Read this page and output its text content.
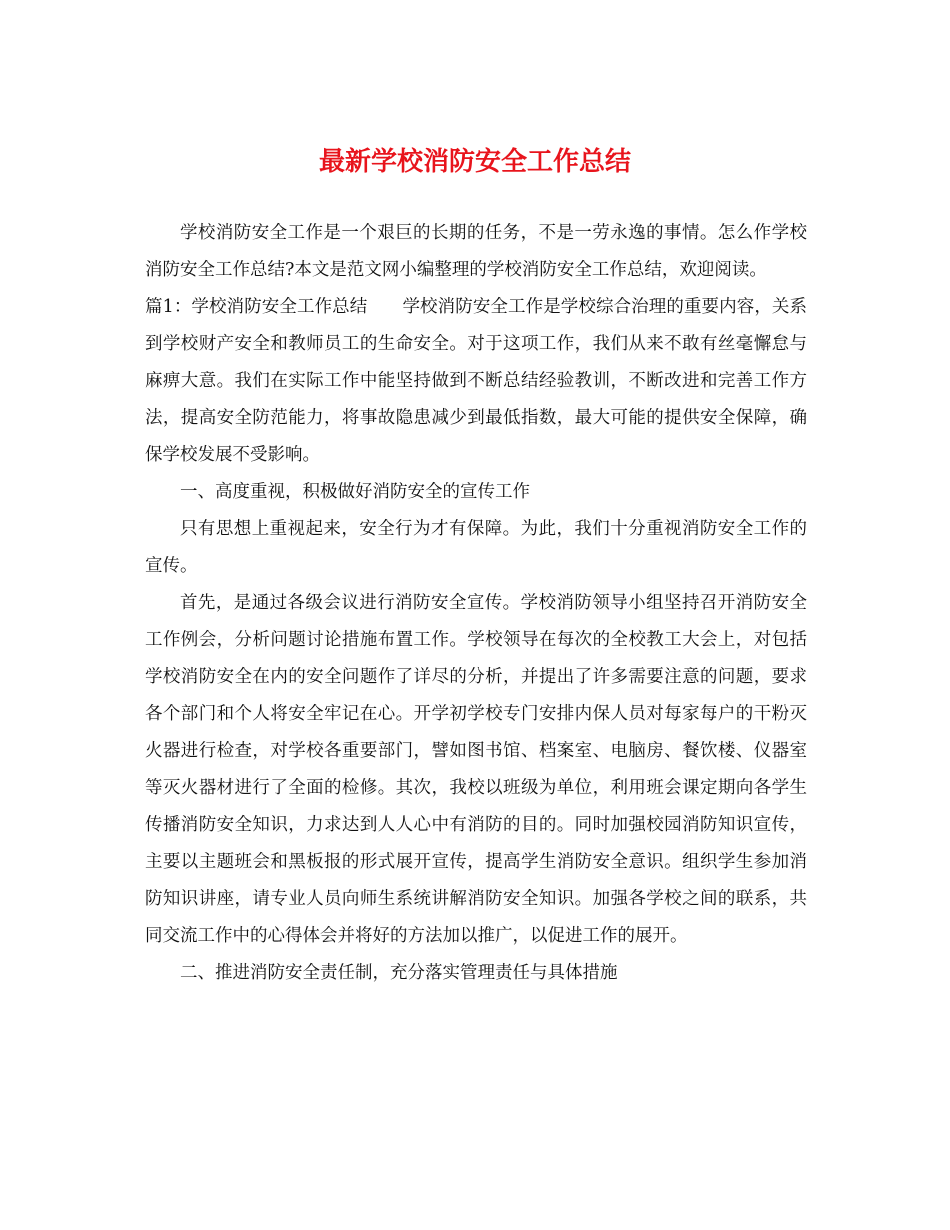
最新学校消防安全工作总结

学校消防安全工作是一个艰巨的长期的任务，不是一劳永逸的事情。怎么作学校消防安全工作总结?本文是范文网小编整理的学校消防安全工作总结，欢迎阅读。

篇1：学校消防安全工作总结 学校消防安全工作是学校综合治理的重要内容，关系到学校财产安全和教师员工的生命安全。对于这项工作，我们从来不敢有丝毫懈怠与麻痹大意。我们在实际工作中能坚持做到不断总结经验教训，不断改进和完善工作方法，提高安全防范能力，将事故隐患减少到最低指数，最大可能的提供安全保障，确保学校发展不受影响。

一、高度重视，积极做好消防安全的宣传工作

只有思想上重视起来，安全行为才有保障。为此，我们十分重视消防安全工作的宣传。

首先，是通过各级会议进行消防安全宣传。学校消防领导小组坚持召开消防安全工作例会，分析问题讨论措施布置工作。学校领导在每次的全校教工大会上，对包括学校消防安全在内的安全问题作了详尽的分析，并提出了许多需要注意的问题，要求各个部门和个人将安全牢记在心。开学初学校专门安排内保人员对每家每户的干粉灭火器进行检查，对学校各重要部门，譬如图书馆、档案室、电脑房、餐饮楼、仪器室等灭火器材进行了全面的检修。其次，我校以班级为单位，利用班会课定期向各学生传播消防安全知识，力求达到人人心中有消防的目的。同时加强校园消防知识宣传，主要以主题班会和黑板报的形式展开宣传，提高学生消防安全意识。组织学生参加消防知识讲座，请专业人员向师生系统讲解消防安全知识。加强各学校之间的联系，共同交流工作中的心得体会并将好的方法加以推广，以促进工作的展开。

二、推进消防安全责任制，充分落实管理责任与具体措施
